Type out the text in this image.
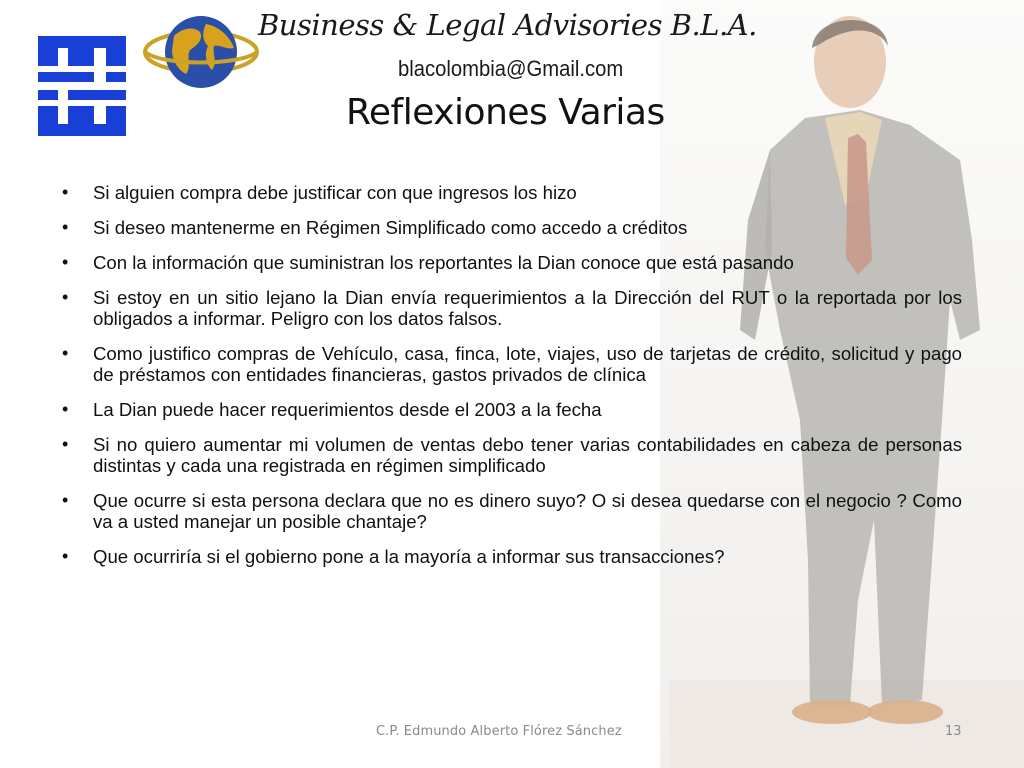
Business & Legal Advisories B.L.A.
blacolombia@Gmail.com
Reflexiones Varias
• Si alguien compra debe justificar con que ingresos los hizo
• Si deseo mantenerme en Régimen Simplificado como accedo a créditos
• Con la información que suministran los reportantes la Dian conoce que está pasando
• Si estoy en un sitio lejano la Dian envía requerimientos a la Dirección del RUT o la reportada por los obligados a informar. Peligro con los datos falsos.
• Como justifico compras de Vehículo, casa, finca, lote, viajes, uso de tarjetas de crédito, solicitud y pago de préstamos con entidades financieras, gastos privados de clínica
• La Dian puede hacer requerimientos desde el 2003 a la fecha
• Si no quiero aumentar mi volumen de ventas debo tener varias contabilidades en cabeza de personas distintas y cada una registrada en régimen simplificado
• Que ocurre si esta persona declara que no es dinero suyo? O si desea quedarse con el negocio ? Como va a usted manejar un posible chantaje?
• Que ocurriría si el gobierno pone a la mayoría a informar sus transacciones?
C.P. Edmundo Alberto Flórez Sánchez	13
